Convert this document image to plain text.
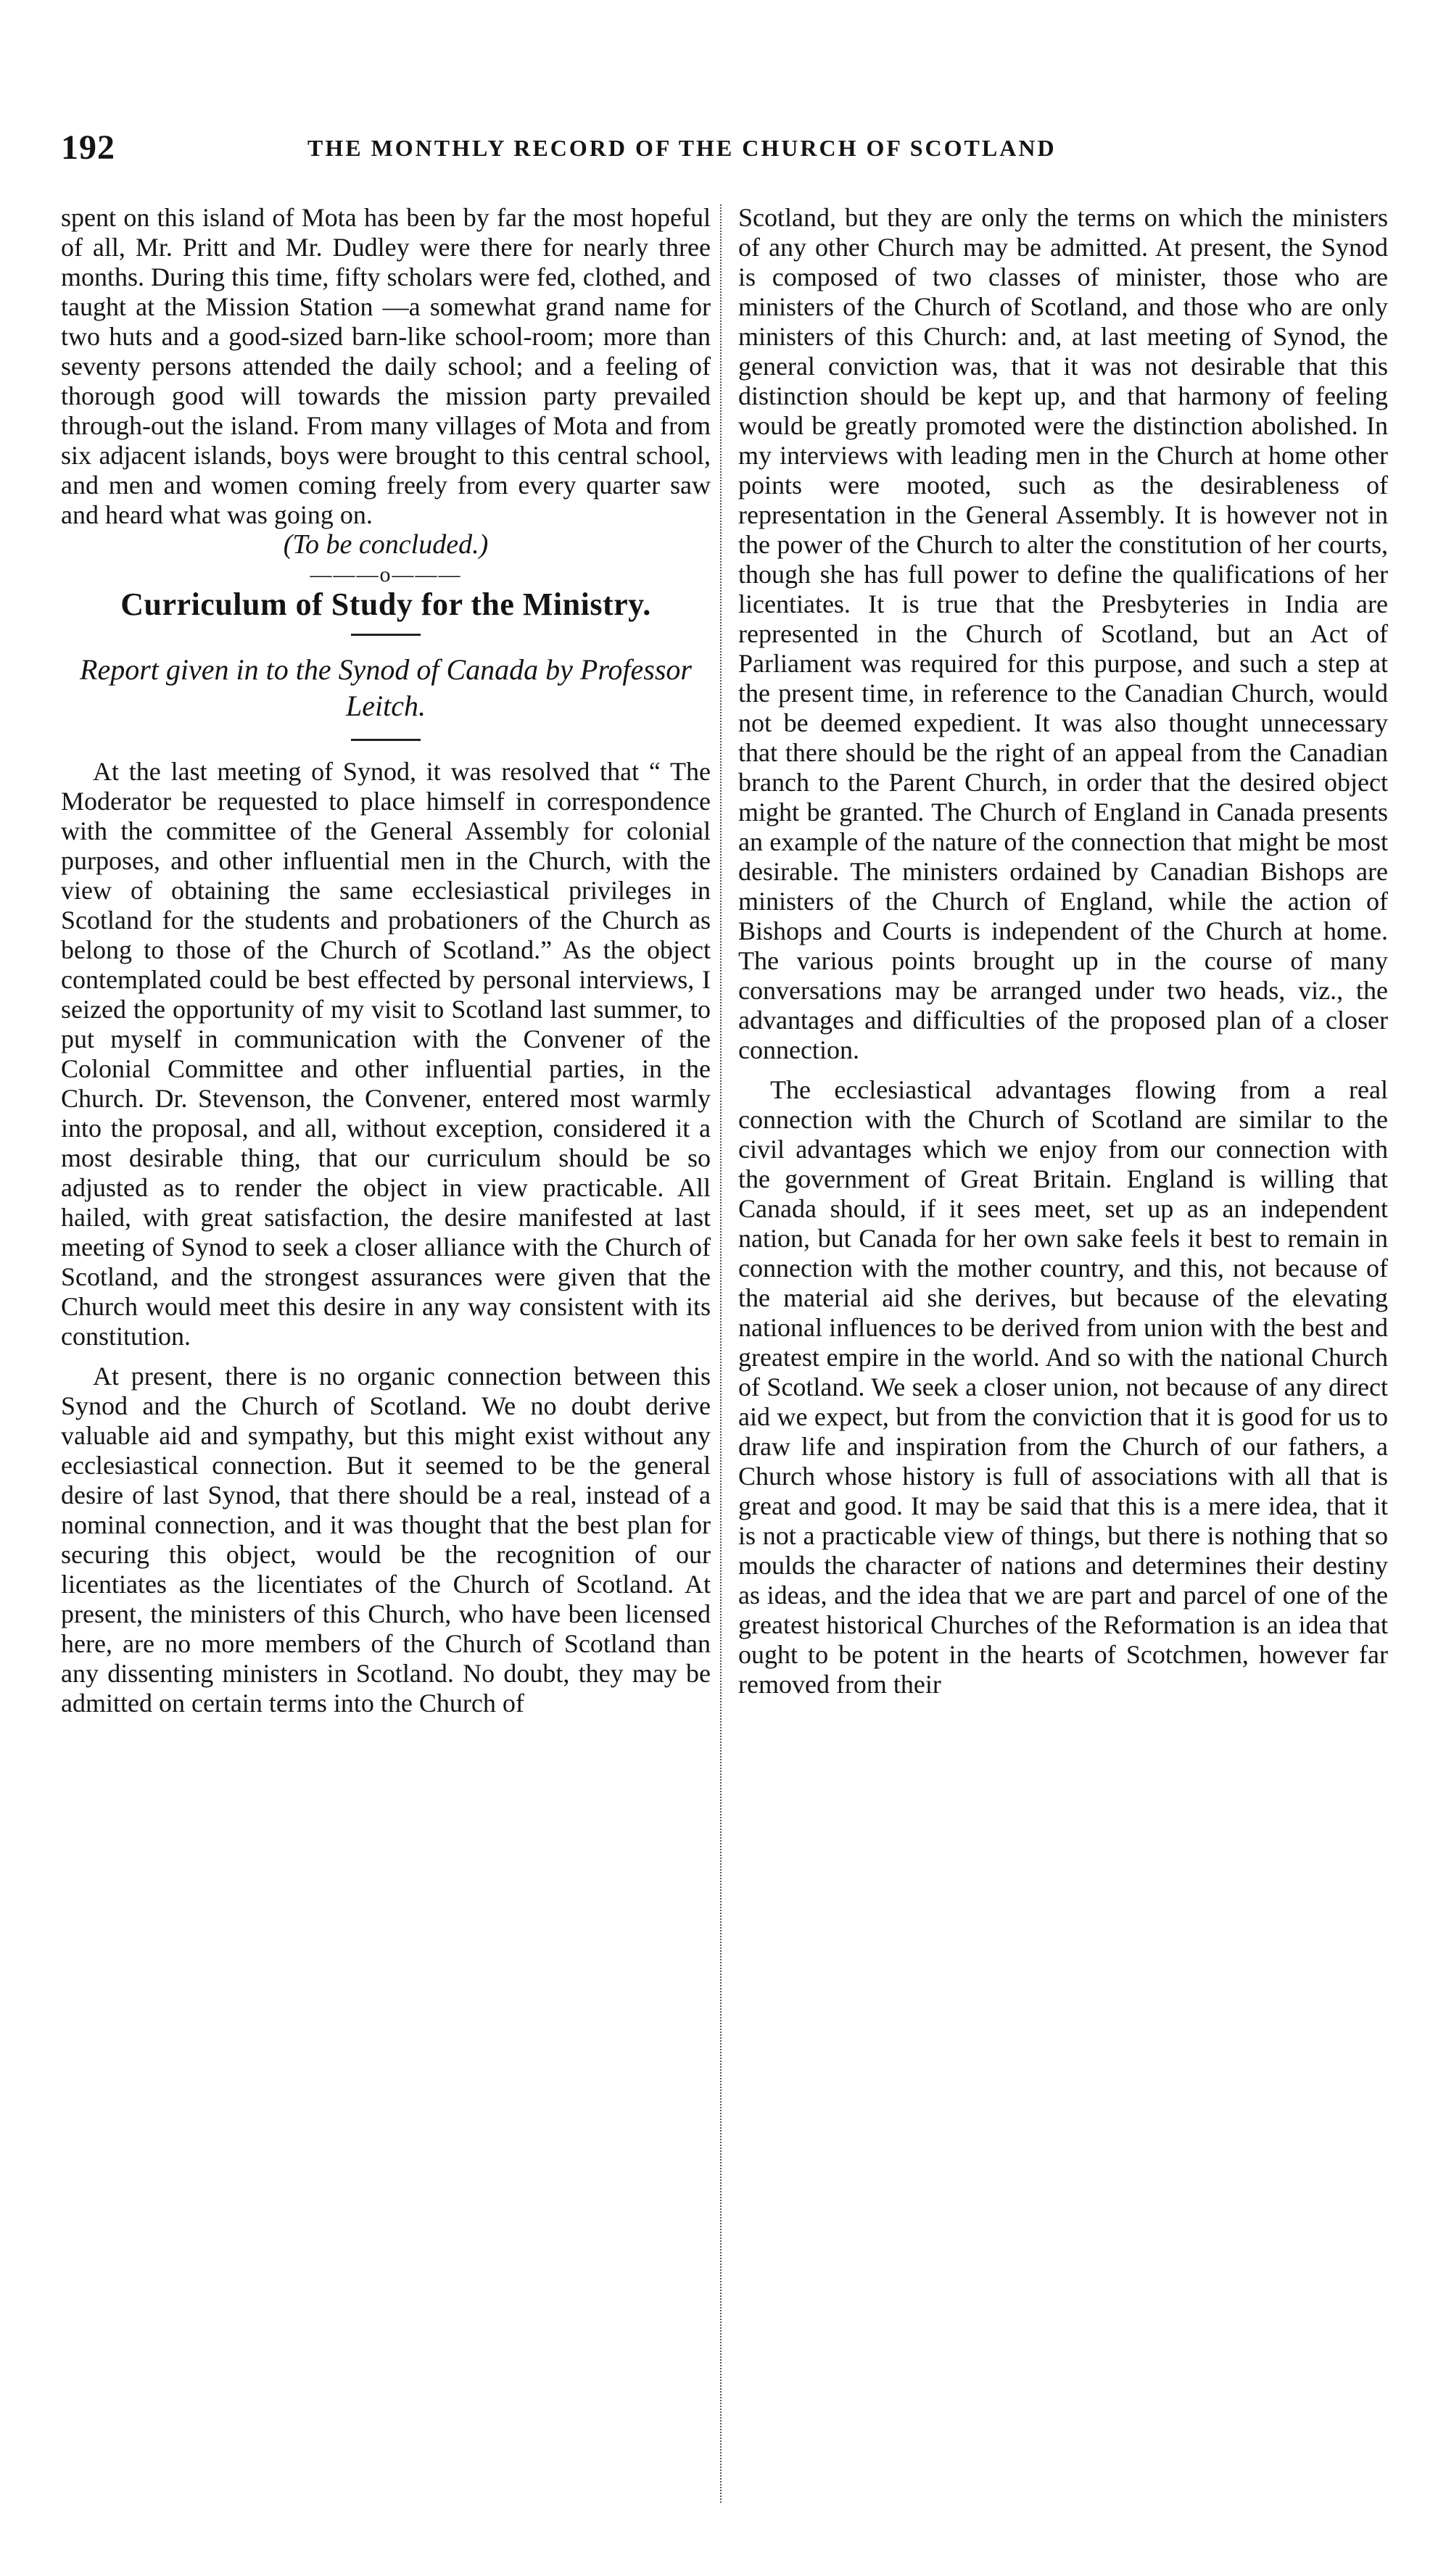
192	THE MONTHLY RECORD OF THE CHURCH OF SCOTLAND

spent on this island of Mota has been by far the most hopeful of all, Mr. Pritt and Mr. Dudley were there for nearly three months. During this time, fifty scholars were fed, clothed, and taught at the Mission Station —a somewhat grand name for two huts and a good-sized barn-like school-room; more than seventy persons attended the daily school; and a feeling of thorough good will towards the mission party prevailed through-out the island. From many villages of Mota and from six adjacent islands, boys were brought to this central school, and men and women coming freely from every quarter saw and heard what was going on.

(To be concluded.)

———o———

Curriculum of Study for the Ministry.

Report given in to the Synod of Canada by Professor Leitch.

At the last meeting of Synod, it was resolved that “ The Moderator be requested to place himself in correspondence with the committee of the General Assembly for colonial purposes, and other influential men in the Church, with the view of obtaining the same ecclesiastical privileges in Scotland for the students and probationers of the Church as belong to those of the Church of Scotland.” As the object contemplated could be best effected by personal interviews, I seized the opportunity of my visit to Scotland last summer, to put myself in communication with the Convener of the Colonial Committee and other influential parties, in the Church. Dr. Stevenson, the Convener, entered most warmly into the proposal, and all, without exception, considered it a most desirable thing, that our curriculum should be so adjusted as to render the object in view practicable. All hailed, with great satisfaction, the desire manifested at last meeting of Synod to seek a closer alliance with the Church of Scotland, and the strongest assurances were given that the Church would meet this desire in any way consistent with its constitution.

At present, there is no organic connection between this Synod and the Church of Scotland. We no doubt derive valuable aid and sympathy, but this might exist without any ecclesiastical connection. But it seemed to be the general desire of last Synod, that there should be a real, instead of a nominal connection, and it was thought that the best plan for securing this object, would be the recognition of our licentiates as the licentiates of the Church of Scotland. At present, the ministers of this Church, who have been licensed here, are no more members of the Church of Scotland than any dissenting ministers in Scotland. No doubt, they may be admitted on certain terms into the Church of

Scotland, but they are only the terms on which the ministers of any other Church may be admitted. At present, the Synod is composed of two classes of minister, those who are ministers of the Church of Scotland, and those who are only ministers of this Church: and, at last meeting of Synod, the general conviction was, that it was not desirable that this distinction should be kept up, and that harmony of feeling would be greatly promoted were the distinction abolished. In my interviews with leading men in the Church at home other points were mooted, such as the desirableness of representation in the General Assembly. It is however not in the power of the Church to alter the constitution of her courts, though she has full power to define the qualifications of her licentiates. It is true that the Presbyteries in India are represented in the Church of Scotland, but an Act of Parliament was required for this purpose, and such a step at the present time, in reference to the Canadian Church, would not be deemed expedient. It was also thought unnecessary that there should be the right of an appeal from the Canadian branch to the Parent Church, in order that the desired object might be granted. The Church of England in Canada presents an example of the nature of the connection that might be most desirable. The ministers ordained by Canadian Bishops are ministers of the Church of England, while the action of Bishops and Courts is independent of the Church at home. The various points brought up in the course of many conversations may be arranged under two heads, viz., the advantages and difficulties of the proposed plan of a closer connection.

The ecclesiastical advantages flowing from a real connection with the Church of Scotland are similar to the civil advantages which we enjoy from our connection with the government of Great Britain. England is willing that Canada should, if it sees meet, set up as an independent nation, but Canada for her own sake feels it best to remain in connection with the mother country, and this, not because of the material aid she derives, but because of the elevating national influences to be derived from union with the best and greatest empire in the world. And so with the national Church of Scotland. We seek a closer union, not because of any direct aid we expect, but from the conviction that it is good for us to draw life and inspiration from the Church of our fathers, a Church whose history is full of associations with all that is great and good. It may be said that this is a mere idea, that it is not a practicable view of things, but there is nothing that so moulds the character of nations and determines their destiny as ideas, and the idea that we are part and parcel of one of the greatest historical Churches of the Reformation is an idea that ought to be potent in the hearts of Scotchmen, however far removed from their
